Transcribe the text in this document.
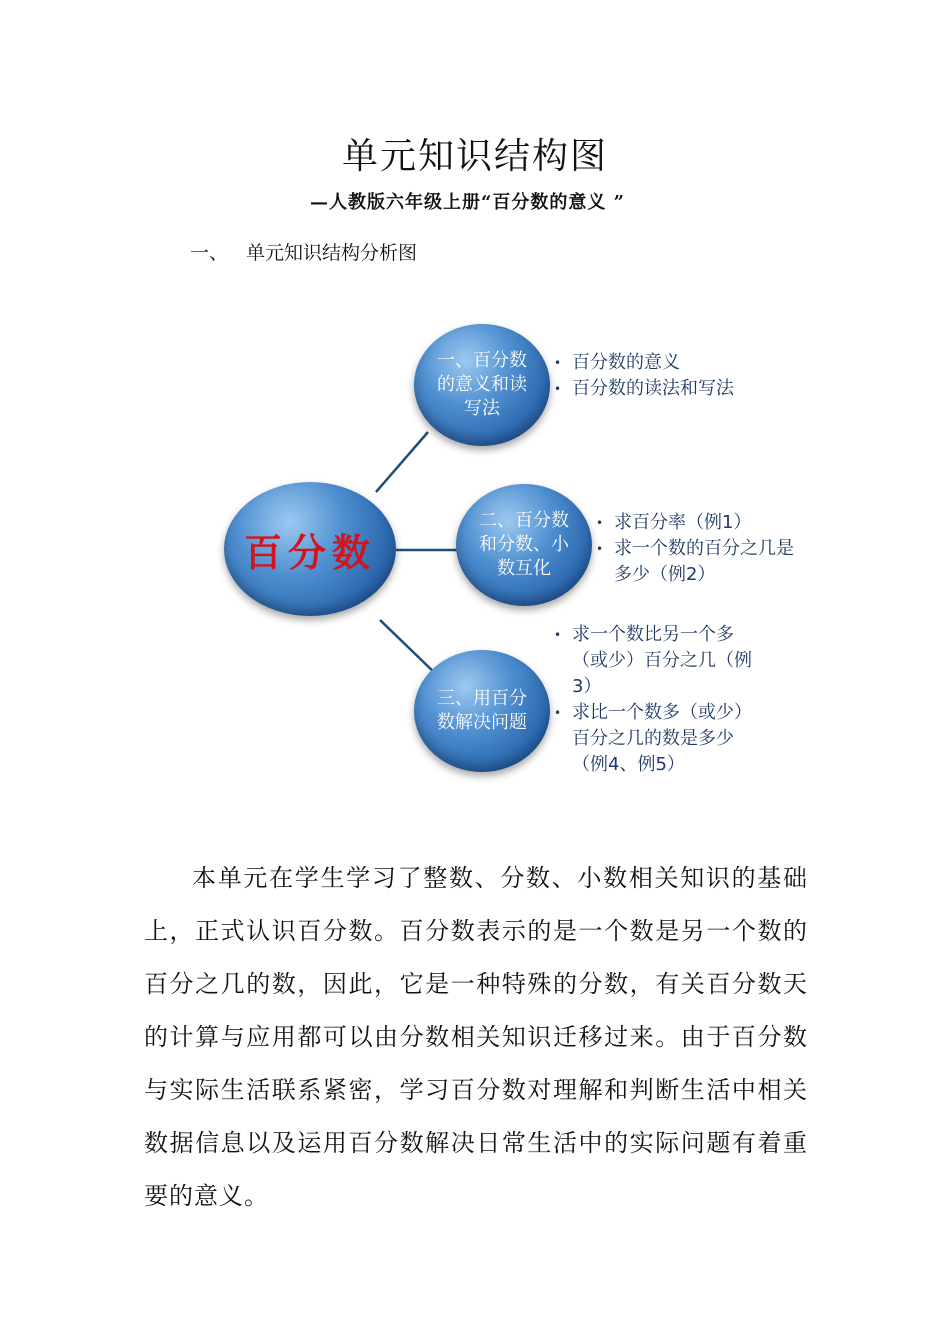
单元知识结构图
—人教版六年级上册“百分数的意义 ”
一、 单元知识结构分析图
百分数
一、百分数的意义和读写法
二、百分数和分数、小数互化
三、用百分数解决问题
• 百分数的意义
• 百分数的读法和写法
• 求百分率（例1）
• 求一个数的百分之几是多少（例2）
• 求一个数比另一个多（或少）百分之几（例3）
• 求比一个数多（或少）百分之几的数是多少（例4、例5）
本单元在学生学习了整数、分数、小数相关知识的基础上，正式认识百分数。百分数表示的是一个数是另一个数的百分之几的数，因此，它是一种特殊的分数，有关百分数天的计算与应用都可以由分数相关知识迁移过来。由于百分数与实际生活联系紧密，学习百分数对理解和判断生活中相关数据信息以及运用百分数解决日常生活中的实际问题有着重要的意义。
